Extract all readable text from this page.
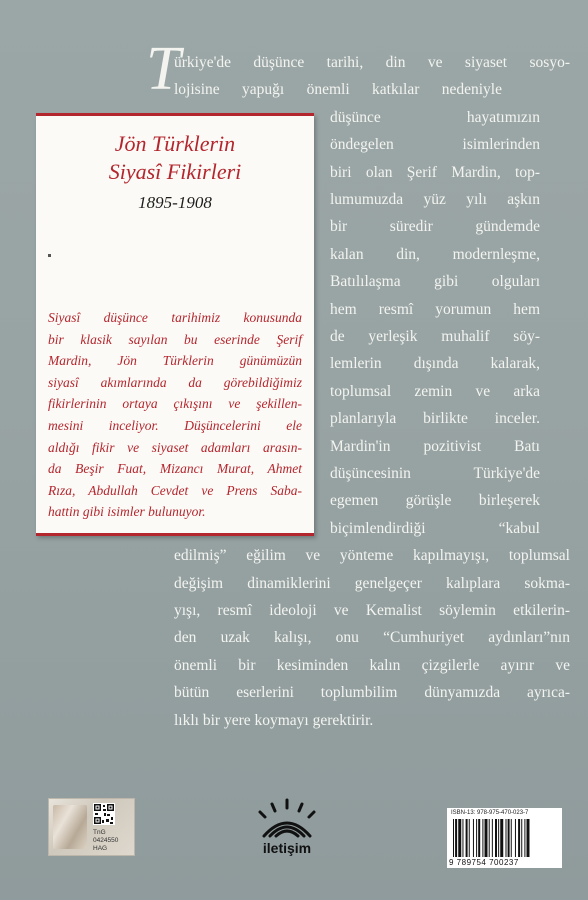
T
ürkiye'de düşünce tarihi, din ve siyaset sosyo-
lojisine yapuğı önemli katkılar nedeniyle
düşünce hayatımızın
öndegelen isimlerinden
biri olan Şerif Mardin, top-
lumumuzda yüz yılı aşkın
bir süredir gündemde
kalan din, modernleşme,
Batılılaşma gibi olguları
hem resmî yorumun hem
de yerleşik muhalif söy-
lemlerin dışında kalarak,
toplumsal zemin ve arka
planlarıyla birlikte inceler.
Mardin'in pozitivist Batı
düşüncesinin Türkiye'de
egemen görüşle birleşerek
biçimlendirdiği “kabul
edilmiş” eğilim ve yönteme kapılmayışı, toplumsal
değişim dinamiklerini genelgeçer kalıplara sokma-
yışı, resmî ideoloji ve Kemalist söylemin etkilerin-
den uzak kalışı, onu “Cumhuriyet aydınları”nın
önemli bir kesiminden kalın çizgilerle ayırır ve
bütün eserlerini toplumbilim dünyamızda ayrıca-
lıklı bir yere koymayı gerektirir.
Jön Türklerin
Siyasî Fikirleri
1895-1908
Siyasî düşünce tarihimiz konusunda
bir klasik sayılan bu eserinde Şerif
Mardin, Jön Türklerin günümüzün
siyasî akımlarında da görebildiğimiz
fikirlerinin ortaya çıkışını ve şekillen-
mesini inceliyor. Düşüncelerini ele
aldığı fikir ve siyaset adamları arasın-
da Beşir Fuat, Mizancı Murat, Ahmet
Rıza, Abdullah Cevdet ve Prens Saba-
hattin gibi isimler bulunuyor.
TnG
0424550
HAG	iletişim
ISBN-13: 978-975-470-023-7
9 789754 700237
